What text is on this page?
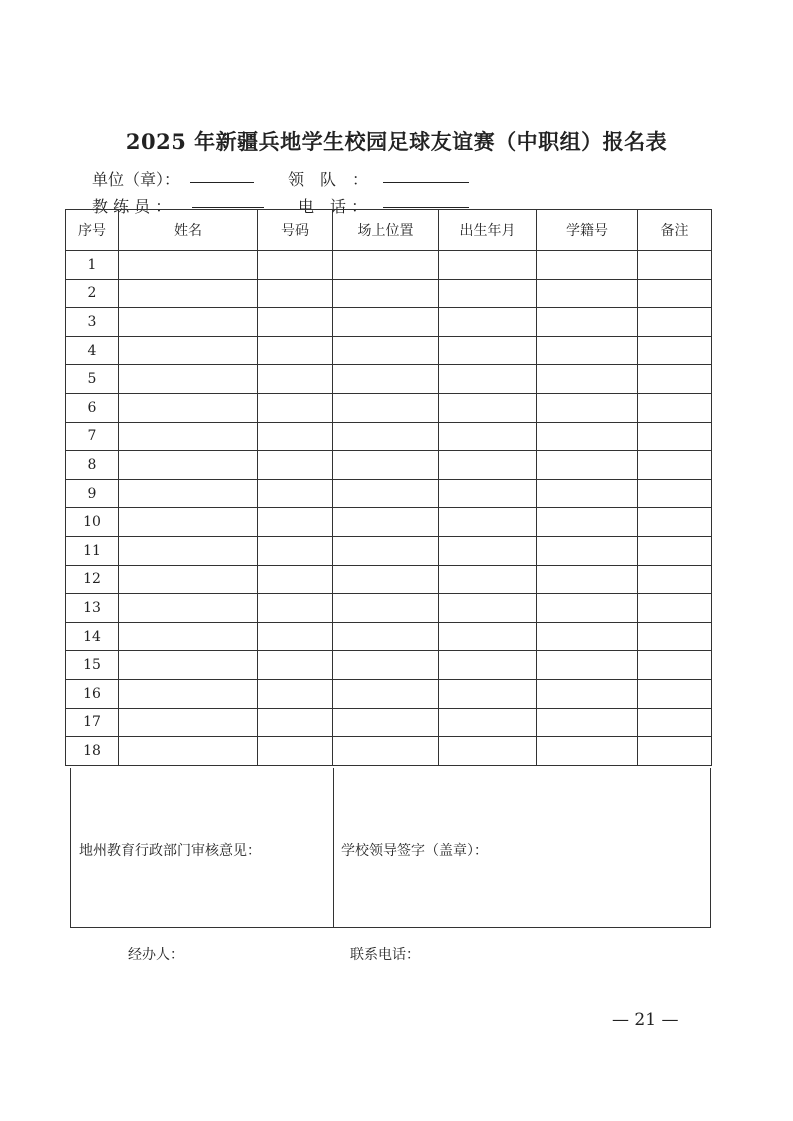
2025 年新疆兵地学生校园足球友谊赛（中职组）报名表
单位（章）：	领　队　：
教 练 员 ：	电　话 ：
序号	姓名	号码	场上位置	出生年月	学籍号	备注
1						
2						
3						
4						
5						
6						
7						
8						
9						
10						
11						
12						
13						
14						
15						
16						
17						
18						
地州教育行政部门审核意见：	学校领导签字（盖章）：
经办人：	联系电话：
— 21 —
